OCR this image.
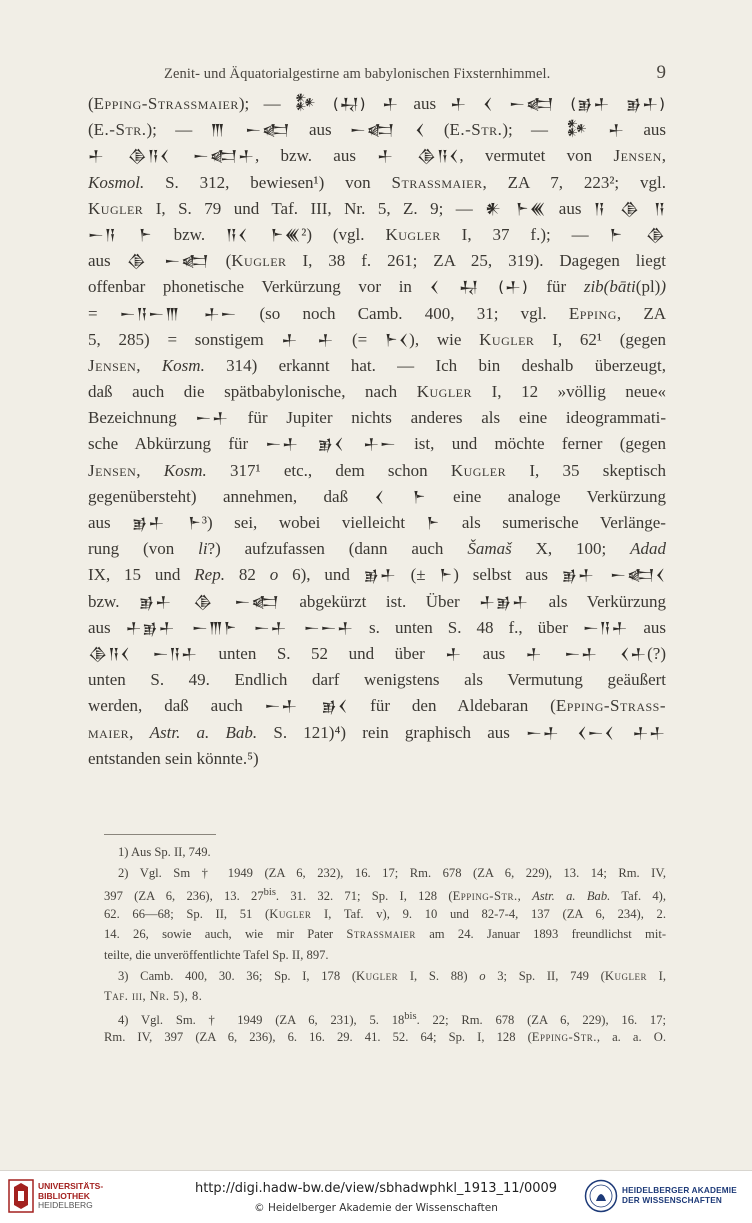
Zenit- und Äquatorialgestirne am babylonischen Fixsternhimmel.	9
(Epping-Strassmaier); — 𒀯 (𒄷) 𒈦 aus 𒈦 𒌋 𒀸𒅗 (𒂊𒈦 𒂊𒈦)
(E.-Str.); — 𒐈 𒀸𒅗 aus 𒀸𒅗 𒌋 (E.-Str.); — 𒀯 𒈦 aus
𒈦 𒆠𒀀𒌋 𒀸𒅗𒈦, bzw. aus 𒈦 𒆠𒀀𒌋, vermutet von Jensen,
Kosmol. S. 312, bewiesen¹) von Strassmaier, ZA 7, 223²; vgl.
Kugler I, S. 79 und Taf. III, Nr. 5, Z. 9; — 𒀭 𒈨𒌍 aus 𒀀 𒆠 𒀀
𒀸𒀀 𒈨 bzw. 𒀀𒌋 𒈨𒌍²) (vgl. Kugler I, 37 f.); — 𒈨 𒆠
aus 𒆠 𒀸𒅗 (Kugler I, 38 f. 261; ZA 25, 319). Dagegen liegt
offenbar phonetische Verkürzung vor in 𒌋 𒄷 (𒈦) für zib(bāti(pl))
= 𒀸𒀀𒀸𒐈 𒈦𒀸 (so noch Camb. 400, 31; vgl. Epping, ZA
5, 285) = sonstigem 𒈦 𒈦 (= 𒈨𒌋), wie Kugler I, 62¹ (gegen
Jensen, Kosm. 314) erkannt hat. — Ich bin deshalb überzeugt,
daß auch die spätbabylonische, nach Kugler I, 12 »völlig neue«
Bezeichnung 𒀸𒈦 für Jupiter nichts anderes als eine ideogrammati-
sche Abkürzung für 𒀸𒈦 𒂊𒌋 𒈦𒀸 ist, und möchte ferner (gegen
Jensen, Kosm. 317¹ etc., dem schon Kugler I, 35 skeptisch
gegenübersteht) annehmen, daß 𒌋 𒈨 eine analoge Verkürzung
aus 𒂊𒈦 𒈨³) sei, wobei vielleicht 𒈨 als sumerische Verlänge-
rung (von li?) aufzufassen (dann auch Šamaš X, 100; Adad
IX, 15 und Rep. 82 o 6), und 𒂊𒈦 (± 𒈨) selbst aus 𒂊𒈦 𒀸𒅗𒌋
bzw. 𒂊𒈦 𒆠 𒀸𒅗 abgekürzt ist. Über 𒈦𒂊𒈦 als Verkürzung
aus 𒈦𒂊𒈦 𒀸𒐈𒈨 𒀸𒈦 𒀸𒀸𒈦 s. unten S. 48 f., über 𒀸𒀀𒈦 aus
𒆠𒀀𒌋 𒀸𒀀𒈦 unten S. 52 und über 𒈦 aus 𒈦 𒀸𒈦 𒌋𒈦(?)
unten S. 49. Endlich darf wenigstens als Vermutung geäußert
werden, daß auch 𒀸𒈦 𒂊𒌋 für den Aldebaran (Epping-Strass-
maier, Astr. a. Bab. S. 121)⁴) rein graphisch aus 𒀸𒈦 𒌋𒀸𒌋 𒈦𒈦
entstanden sein könnte.⁵)
1) Aus Sp. II, 749.
2) Vgl. Sm † 1949 (ZA 6, 232), 16. 17; Rm. 678 (ZA 6, 229), 13. 14; Rm. IV,
397 (ZA 6, 236), 13. $27^{bis}$. 31. 32. 71; Sp. I, 128 (Epping-Str., Astr. a. Bab. Taf. 4),
62. 66—68; Sp. II, 51 (Kugler I, Taf. v), 9. 10 und 82-7-4, 137 (ZA 6, 234), 2.
14. 26, sowie auch, wie mir Pater Strassmaier am 24. Januar 1893 freundlichst mit-
teilte, die unveröffentlichte Tafel Sp. II, 897.
3) Camb. 400, 30. 36; Sp. I, 178 (Kugler I, S. 88) o 3; Sp. II, 749 (Kugler I,
Taf. iii, Nr. 5), 8.
4) Vgl. Sm. † 1949 (ZA 6, 231), 5. $18^{bis}$. 22; Rm. 678 (ZA 6, 229), 16. 17;
Rm. IV, 397 (ZA 6, 236), 6. 16. 29. 41. 52. 64; Sp. I, 128 (Epping-Str., a. a. O.
UNIVERSITÄTS-
BIBLIOTHEK
HEIDELBERG
http://digi.hadw-bw.de/view/sbhadwphkl_1913_11/0009
© Heidelberger Akademie der Wissenschaften
HEIDELBERGER AKADEMIE
DER WISSENSCHAFTEN
